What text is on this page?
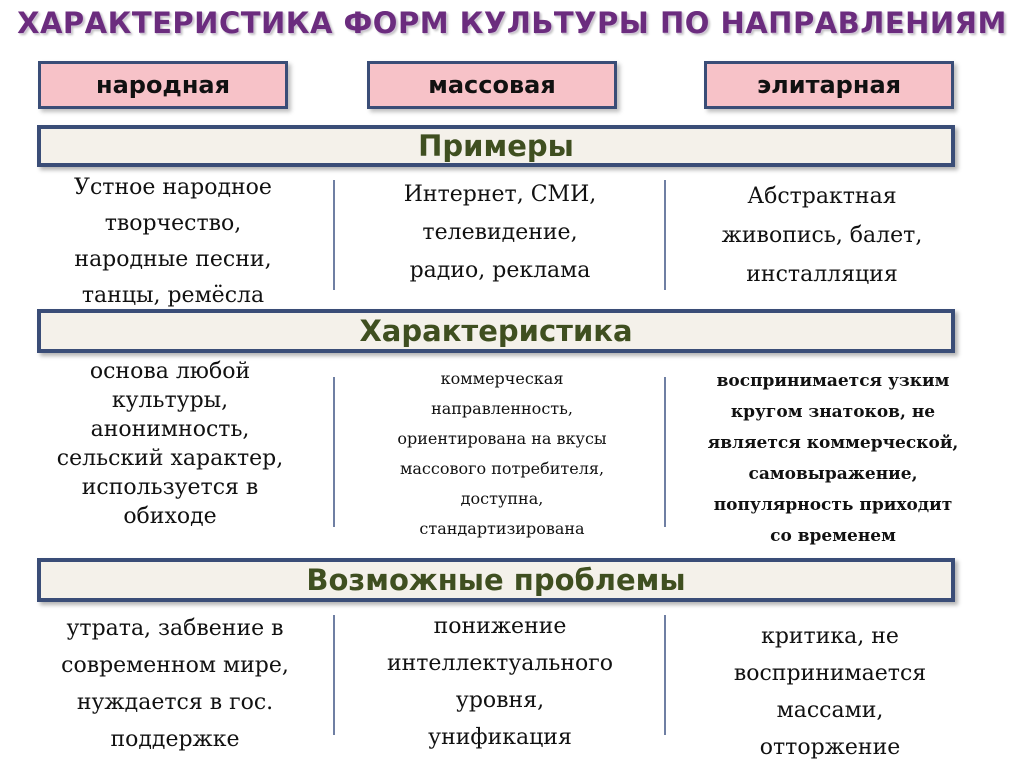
ХАРАКТЕРИСТИКА ФОРМ КУЛЬТУРЫ ПО НАПРАВЛЕНИЯМ
народная	массовая	элитарная
Примеры
Устное народное
творчество,
народные песни,
танцы, ремёсла
Интернет, СМИ,
телевидение,
радио, реклама
Абстрактная
живопись, балет,
инсталляция
Характеристика
основа любой
культуры,
анонимность,
сельский характер,
используется в
обиходе
коммерческая
направленность,
ориентирована на вкусы
массового потребителя,
доступна,
стандартизирована
воспринимается узким
кругом знатоков, не
является коммерческой,
самовыражение,
популярность приходит
со временем
Возможные проблемы
утрата, забвение в
современном мире,
нуждается в гос.
поддержке
понижение
интеллектуального
уровня,
унификация
критика, не
воспринимается
массами,
отторжение
